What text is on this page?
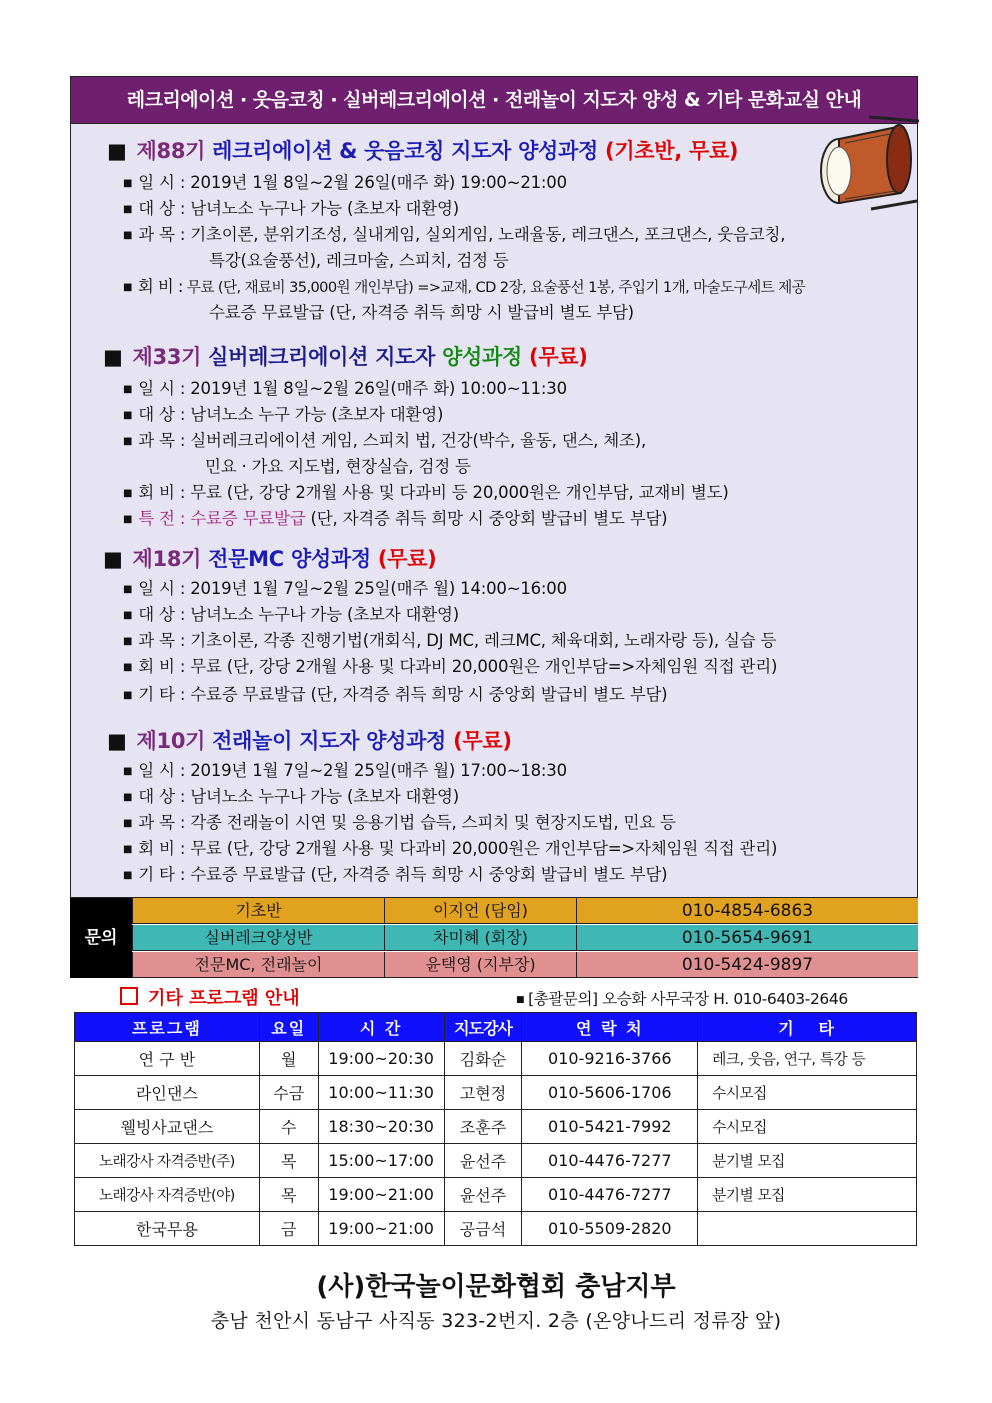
레크리에이션 · 웃음코칭 · 실버레크리에이션 · 전래놀이 지도자 양성 & 기타 문화교실 안내
■ 제88기 레크리에이션 & 웃음코칭 지도자 양성과정 (기초반, 무료)
■ 일 시 : 2019년 1월 8일~2월 26일(매주 화) 19:00~21:00
■ 대 상 : 남녀노소 누구나 가능 (초보자 대환영)
■ 과 목 : 기초이론, 분위기조성, 실내게임, 실외게임, 노래율동, 레크댄스, 포크댄스, 웃음코칭,
특강(요술풍선), 레크마술, 스피치, 검정 등
■ 회 비 : 무료 (단, 재료비 35,000원 개인부담) =>교재, CD 2장, 요술풍선 1봉, 주입기 1개, 마술도구세트 제공
수료증 무료발급 (단, 자격증 취득 희망 시 발급비 별도 부담)
■ 제33기 실버레크리에이션 지도자 양성과정 (무료)
■ 일 시 : 2019년 1월 8일~2월 26일(매주 화) 10:00~11:30
■ 대 상 : 남녀노소 누구 가능 (초보자 대환영)
■ 과 목 : 실버레크리에이션 게임, 스피치 법, 건강(박수, 율동, 댄스, 체조),
민요 · 가요 지도법, 현장실습, 검정 등
■ 회 비 : 무료 (단, 강당 2개월 사용 및 다과비 등 20,000원은 개인부담, 교재비 별도)
■ 특 전 : 수료증 무료발급 (단, 자격증 취득 희망 시 중앙회 발급비 별도 부담)
■ 제18기 전문MC 양성과정 (무료)
■ 일 시 : 2019년 1월 7일~2월 25일(매주 월) 14:00~16:00
■ 대 상 : 남녀노소 누구나 가능 (초보자 대환영)
■ 과 목 : 기초이론, 각종 진행기법(개회식, DJ MC, 레크MC, 체육대회, 노래자랑 등), 실습 등
■ 회 비 : 무료 (단, 강당 2개월 사용 및 다과비 20,000원은 개인부담=>자체임원 직접 관리)
■ 기 타 : 수료증 무료발급 (단, 자격증 취득 희망 시 중앙회 발급비 별도 부담)
■ 제10기 전래놀이 지도자 양성과정 (무료)
■ 일 시 : 2019년 1월 7일~2월 25일(매주 월) 17:00~18:30
■ 대 상 : 남녀노소 누구나 가능 (초보자 대환영)
■ 과 목 : 각종 전래놀이 시연 및 응용기법 습득, 스피치 및 현장지도법, 민요 등
■ 회 비 : 무료 (단, 강당 2개월 사용 및 다과비 20,000원은 개인부담=>자체임원 직접 관리)
■ 기 타 : 수료증 무료발급 (단, 자격증 취득 희망 시 중앙회 발급비 별도 부담)
문의
기초반	이지언 (담임)	010-4854-6863
실버레크양성반	차미혜 (회장)	010-5654-9691
전문MC, 전래놀이	윤택영 (지부장)	010-5424-9897
기타 프로그램 안내	■ [총괄문의] 오승화 사무국장 H. 010-6403-2646
프로그램	요일	시 간	지도강사	연 락 처	기   타
연 구 반	월	19:00~20:30	김화순	010-9216-3766	레크, 웃음, 연구, 특강 등
라인댄스	수금	10:00~11:30	고현정	010-5606-1706	수시모집
웰빙사교댄스	수	18:30~20:30	조훈주	010-5421-7992	수시모집
노래강사 자격증반(주)	목	15:00~17:00	윤선주	010-4476-7277	분기별 모집
노래강사 자격증반(야)	목	19:00~21:00	윤선주	010-4476-7277	분기별 모집
한국무용	금	19:00~21:00	공금석	010-5509-2820	
(사)한국놀이문화협회 충남지부
충남 천안시 동남구 사직동 323-2번지. 2층 (온양나드리 정류장 앞)
